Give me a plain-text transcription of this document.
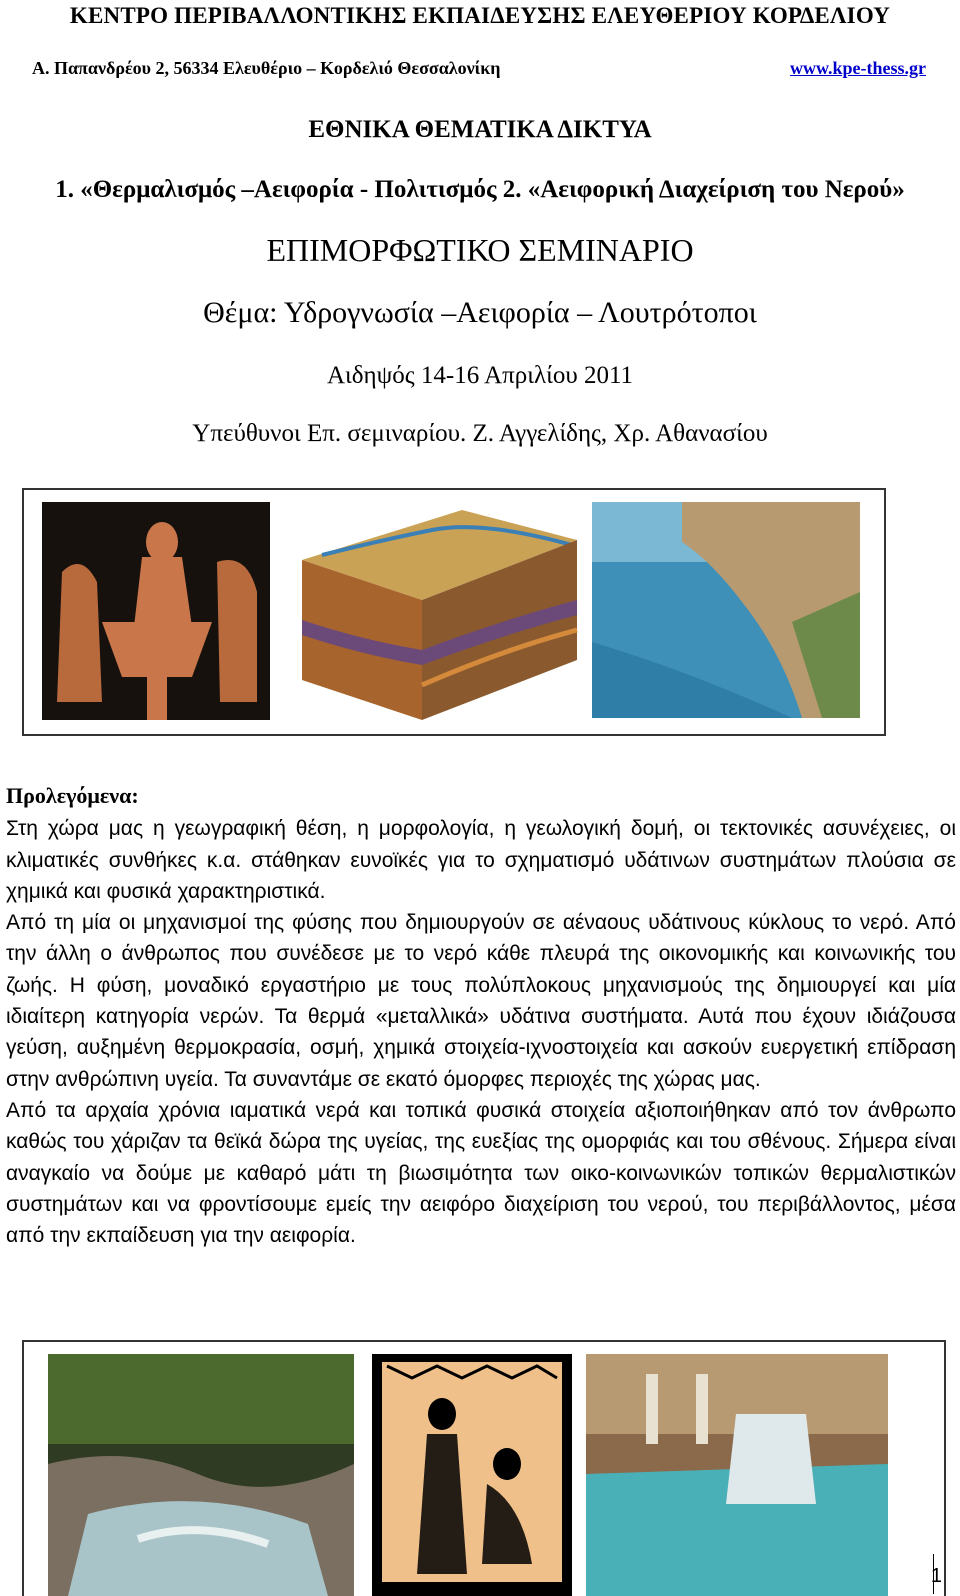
ΚΕΝΤΡΟ ΠΕΡΙΒΑΛΛΟΝΤΙΚΗΣ ΕΚΠΑΙΔΕΥΣΗΣ ΕΛΕΥΘΕΡΙΟΥ ΚΟΡΔΕΛΙΟΥ
Α. Παπανδρέου 2, 56334 Ελευθέριο – Κορδελιό Θεσσαλονίκη	www.kpe-thess.gr
ΕΘΝΙΚΑ ΘΕΜΑΤΙΚΑ ΔΙΚΤΥΑ
1. «Θερμαλισμός –Αειφορία - Πολιτισμός 2. «Αειφορική Διαχείριση του Νερού»
ΕΠΙΜΟΡΦΩΤΙΚΟ ΣΕΜΙΝΑΡΙΟ
Θέμα: Υδρογνωσία –Αειφορία – Λουτρότοποι
Αιδηψός 14-16 Απριλίου 2011
Υπεύθυνοι Επ. σεμιναρίου. Ζ. Αγγελίδης, Χρ. Αθανασίου
Προλεγόμενα:

Στη χώρα μας η γεωγραφική θέση, η μορφολογία, η γεωλογική δομή, οι τεκτονικές ασυνέχειες, οι κλιματικές συνθήκες κ.α. στάθηκαν ευνοϊκές για το σχηματισμό υδάτινων συστημάτων πλούσια σε χημικά και φυσικά χαρακτηριστικά.

Από τη μία οι μηχανισμοί της φύσης που δημιουργούν σε αέναους υδάτινους κύκλους το νερό. Από την άλλη ο άνθρωπος που συνέδεσε με το νερό κάθε πλευρά της οικονομικής και κοινωνικής του ζωής. Η φύση, μοναδικό εργαστήριο με τους πολύπλοκους μηχανισμούς της δημιουργεί και μία ιδιαίτερη κατηγορία νερών. Τα θερμά «μεταλλικά» υδάτινα συστήματα. Αυτά που έχουν ιδιάζουσα γεύση, αυξημένη θερμοκρασία, οσμή, χημικά στοιχεία-ιχνοστοιχεία και ασκούν ευεργετική επίδραση στην ανθρώπινη υγεία. Τα συναντάμε σε εκατό όμορφες περιοχές της χώρας μας.

Από τα αρχαία χρόνια ιαματικά νερά και τοπικά φυσικά στοιχεία αξιοποιήθηκαν από τον άνθρωπο καθώς του χάριζαν τα θεϊκά δώρα της υγείας, της ευεξίας της ομορφιάς και του σθένους. Σήμερα είναι αναγκαίο να δούμε με καθαρό μάτι τη βιωσιμότητα των οικο-κοινωνικών τοπικών θερμαλιστικών συστημάτων και να φροντίσουμε εμείς την αειφόρο διαχείριση του νερού, του περιβάλλοντος, μέσα από την εκπαίδευση για την αειφορία.

1
